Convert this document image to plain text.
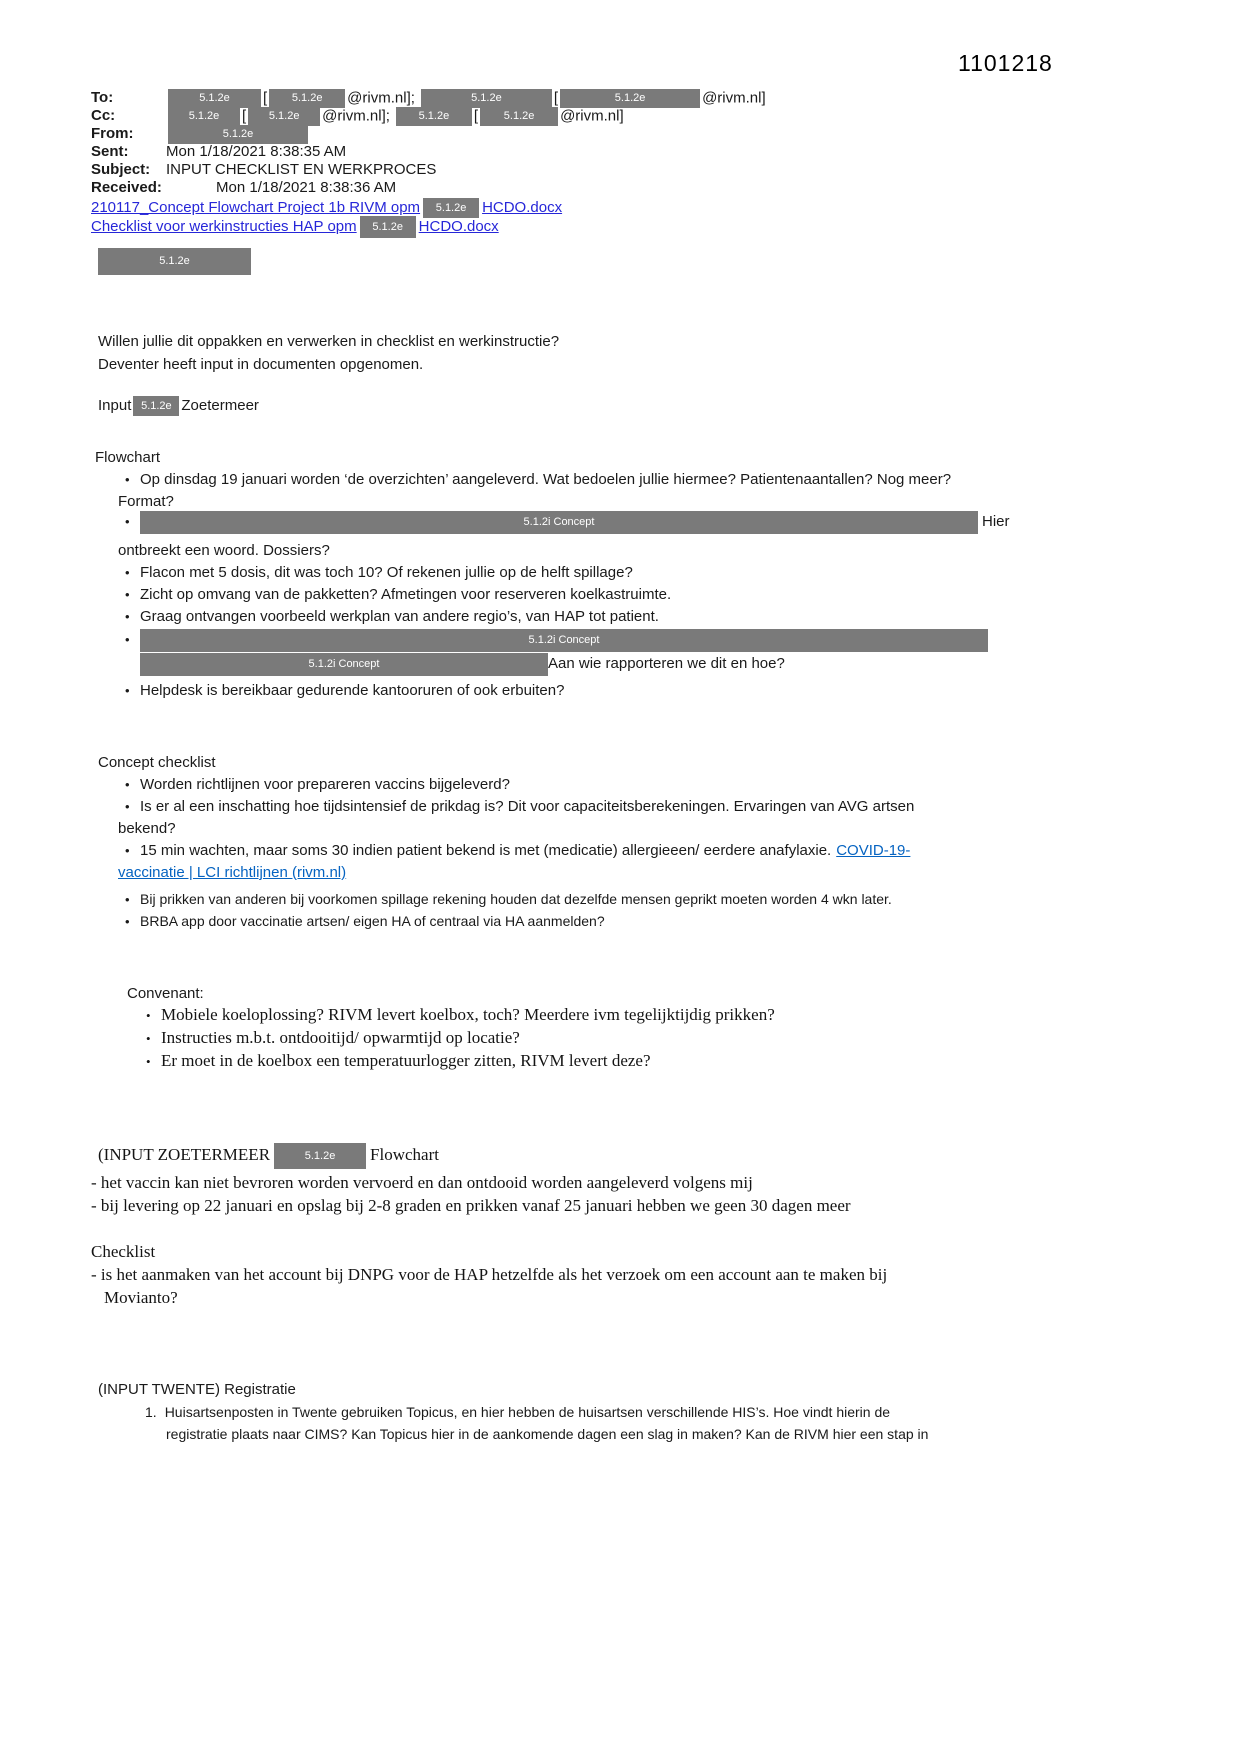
1101218
To:	5.1.2e [ 5.1.2e @rivm.nl];	5.1.2e	[	5.1.2e	@rivm.nl]
Cc:	5.1.2e [ 5.1.2e @rivm.nl];	5.1.2e [ 5.1.2e @rivm.nl]
From:	5.1.2e
Sent:	Mon 1/18/2021 8:38:35 AM
Subject: INPUT CHECKLIST EN WERKPROCES
Received:	Mon 1/18/2021 8:38:36 AM
210117_Concept Flowchart Project 1b RIVM opm 5.1.2e HCDO.docx
Checklist voor werkinstructies HAP opm 5.1.2e HCDO.docx
5.1.2e
Willen jullie dit oppakken en verwerken in checklist en werkinstructie?
Deventer heeft input in documenten opgenomen.
Input 5.1.2e Zoetermeer
Flowchart
• Op dinsdag 19 januari worden ‘de overzichten’ aangeleverd. Wat bedoelen jullie hiermee? Patientenaantallen? Nog meer?
Format?
•	5.1.2i Concept	Hier
ontbreekt een woord. Dossiers?
• Flacon met 5 dosis, dit was toch 10? Of rekenen jullie op de helft spillage?
• Zicht op omvang van de pakketten? Afmetingen voor reserveren koelkastruimte.
• Graag ontvangen voorbeeld werkplan van andere regio’s, van HAP tot patient.
•	5.1.2i Concept
5.1.2i Concept	Aan wie rapporteren we dit en hoe?
• Helpdesk is bereikbaar gedurende kantooruren of ook erbuiten?
Concept checklist
• Worden richtlijnen voor prepareren vaccins bijgeleverd?
• Is er al een inschatting hoe tijdsintensief de prikdag is? Dit voor capaciteitsberekeningen. Ervaringen van AVG artsen
bekend?
• 15 min wachten, maar soms 30 indien patient bekend is met (medicatie) allergieeen/ eerdere anafylaxie. COVID-19-
vaccinatie | LCI richtlijnen (rivm.nl)
• Bij prikken van anderen bij voorkomen spillage rekening houden dat dezelfde mensen geprikt moeten worden 4 wkn later.
• BRBA app door vaccinatie artsen/ eigen HA of centraal via HA aanmelden?
Convenant:
• Mobiele koeloplossing? RIVM levert koelbox, toch? Meerdere ivm tegelijktijdig prikken?
• Instructies m.b.t. ontdooitijd/ opwarmtijd op locatie?
• Er moet in de koelbox een temperatuurlogger zitten, RIVM levert deze?
(INPUT ZOETERMEER	5.1.2e Flowchart
- het vaccin kan niet bevroren worden vervoerd en dan ontdooid worden aangeleverd volgens mij
- bij levering op 22 januari en opslag bij 2-8 graden en prikken vanaf 25 januari hebben we geen 30 dagen meer
Checklist
- is het aanmaken van het account bij DNPG voor de HAP hetzelfde als het verzoek om een account aan te maken bij
Movianto?
(INPUT TWENTE) Registratie
1. Huisartsenposten in Twente gebruiken Topicus, en hier hebben de huisartsen verschillende HIS’s. Hoe vindt hierin de
registratie plaats naar CIMS? Kan Topicus hier in de aankomende dagen een slag in maken? Kan de RIVM hier een stap in
